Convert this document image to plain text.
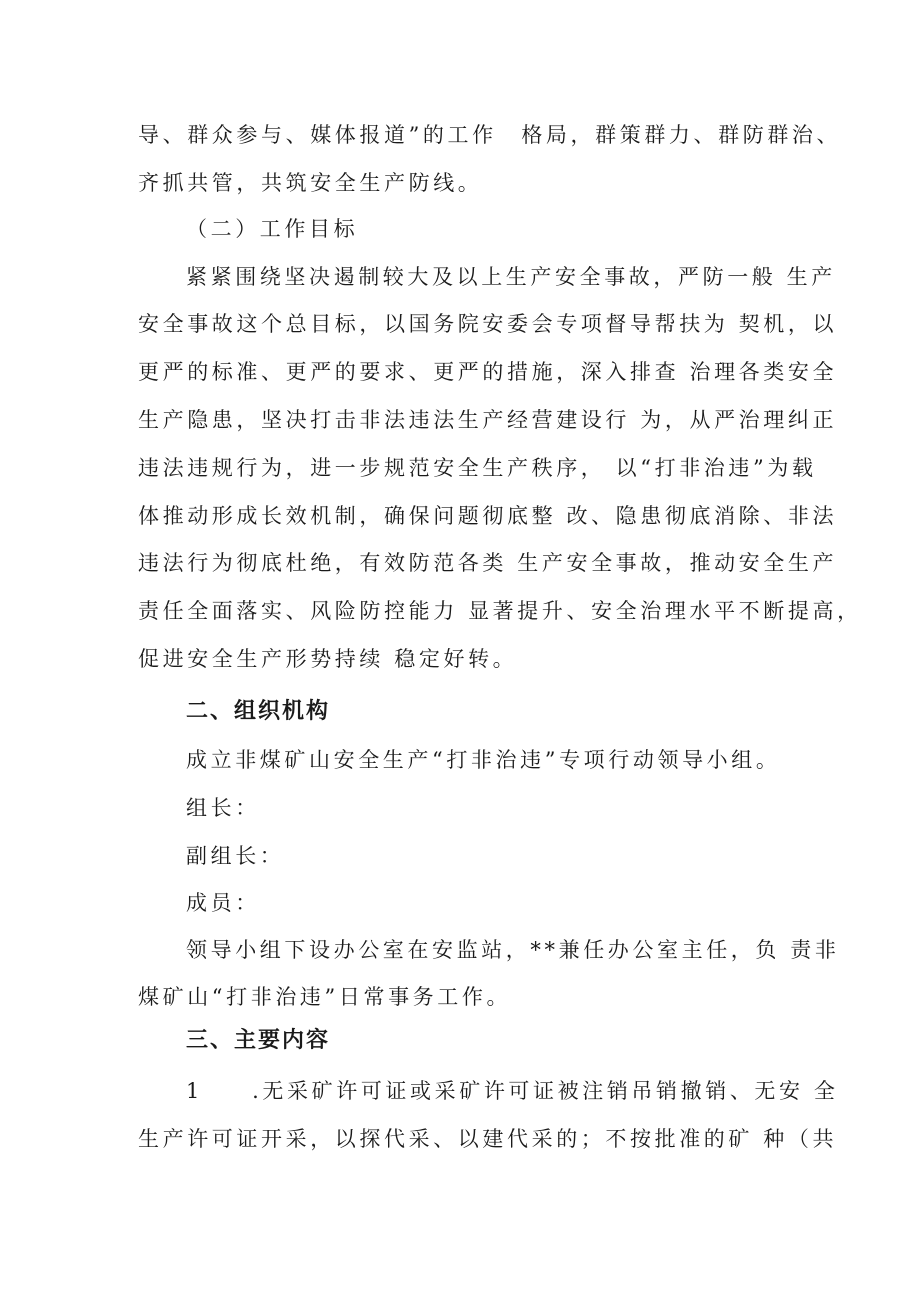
导、群众参与、媒体报道”的工作　格局，群策群力、群防群治、
齐抓共管，共筑安全生产防线。
（二）工作目标
紧紧围绕坚决遏制较大及以上生产安全事故，严防一般 生产
安全事故这个总目标，以国务院安委会专项督导帮扶为 契机，以
更严的标准、更严的要求、更严的措施，深入排查 治理各类安全
生产隐患，坚决打击非法违法生产经营建设行 为，从严治理纠正
违法违规行为，进一步规范安全生产秩序， 以“打非治违”为载
体推动形成长效机制，确保问题彻底整 改、隐患彻底消除、非法
违法行为彻底杜绝，有效防范各类 生产安全事故，推动安全生产
责任全面落实、风险防控能力 显著提升、安全治理水平不断提高，
促进安全生产形势持续 稳定好转。
二、组织机构
成立非煤矿山安全生产“打非治违”专项行动领导小组。
组长：
副组长：
成员：
领导小组下设办公室在安监站，**兼任办公室主任，负 责非
煤矿山“打非治违”日常事务工作。
三、主要内容
1　　.无采矿许可证或采矿许可证被注销吊销撤销、无安 全
生产许可证开采，以探代采、以建代采的；不按批准的矿 种（共
